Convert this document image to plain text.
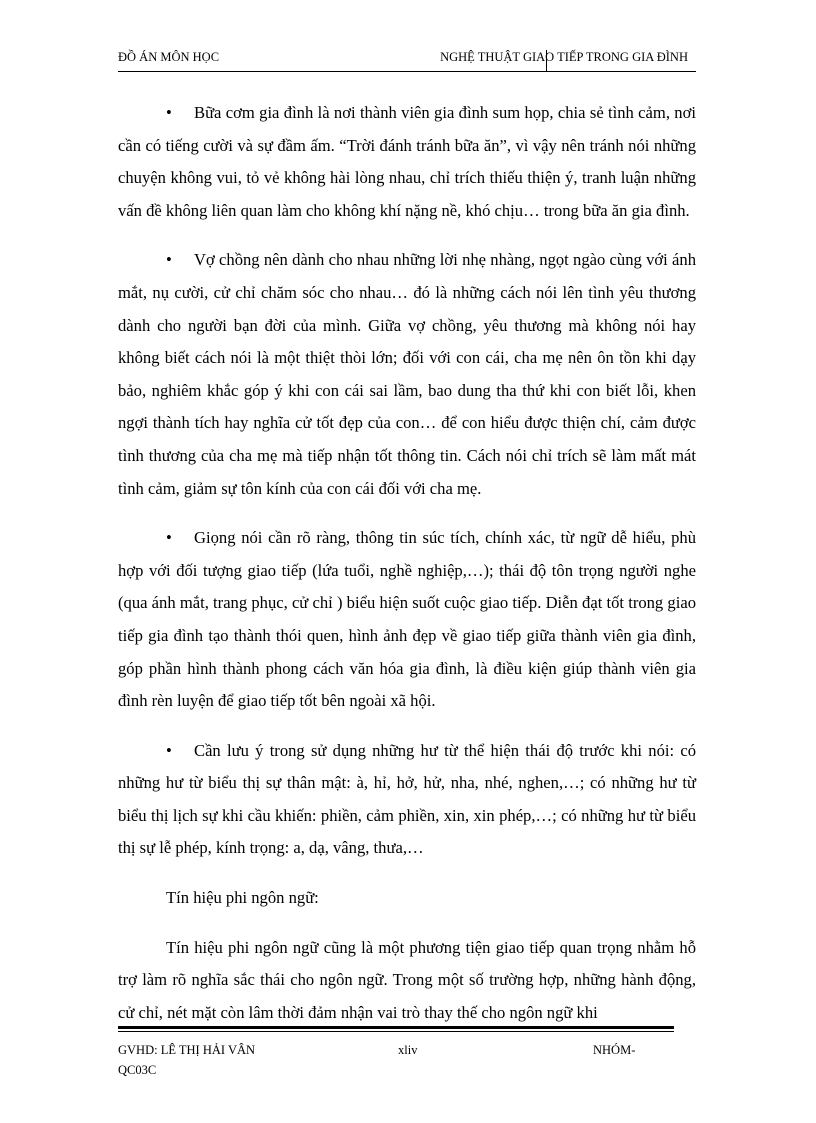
ĐỒ ÁN MÔN HỌC	NGHỆ THUẬT GIAO TIẾP TRONG GIA ĐÌNH

• Bữa cơm gia đình là nơi thành viên gia đình sum họp, chia sẻ tình cảm, nơi cần có tiếng cười và sự đầm ấm. “Trời đánh tránh bữa ăn”, vì vậy nên tránh nói những chuyện không vui, tỏ vẻ không hài lòng nhau, chỉ trích thiếu thiện ý, tranh luận những vấn đề không liên quan làm cho không khí nặng nề, khó chịu… trong bữa ăn gia đình.

• Vợ chồng nên dành cho nhau những lời nhẹ nhàng, ngọt ngào cùng với ánh mắt, nụ cười, cử chỉ chăm sóc cho nhau… đó là những cách nói lên tình yêu thương dành cho người bạn đời của mình. Giữa vợ chồng, yêu thương mà không nói hay không biết cách nói là một thiệt thòi lớn; đối với con cái, cha mẹ nên ôn tồn khi dạy bảo, nghiêm khắc góp ý khi con cái sai lầm, bao dung tha thứ khi con biết lỗi, khen ngợi thành tích hay nghĩa cử tốt đẹp của con… để con hiểu được thiện chí, cảm được tình thương của cha mẹ mà tiếp nhận tốt thông tin. Cách nói chỉ trích sẽ làm mất mát tình cảm, giảm sự tôn kính của con cái đối với cha mẹ.

• Giọng nói cần rõ ràng, thông tin súc tích, chính xác, từ ngữ dễ hiểu, phù hợp với đối tượng giao tiếp (lứa tuổi, nghề nghiệp,…); thái độ tôn trọng người nghe (qua ánh mắt, trang phục, cử chỉ ) biểu hiện suốt cuộc giao tiếp. Diễn đạt tốt trong giao tiếp gia đình tạo thành thói quen, hình ảnh đẹp về giao tiếp giữa thành viên gia đình, góp phần hình thành phong cách văn hóa gia đình, là điều kiện giúp thành viên gia đình rèn luyện để giao tiếp tốt bên ngoài xã hội.

• Cần lưu ý trong sử dụng những hư từ thể hiện thái độ trước khi nói: có những hư từ biểu thị sự thân mật: à, hỉ, hở, hử, nha, nhé, nghen,…; có những hư từ biểu thị lịch sự khi cầu khiến: phiền, cảm phiền, xin, xin phép,…; có những hư từ biểu thị sự lễ phép, kính trọng: a, dạ, vâng, thưa,…

Tín hiệu phi ngôn ngữ:

Tín hiệu phi ngôn ngữ cũng là một phương tiện giao tiếp quan trọng nhằm hỗ trợ làm rõ nghĩa sắc thái cho ngôn ngữ. Trong một số trường hợp, những hành động, cử chỉ, nét mặt còn lâm thời đảm nhận vai trò thay thế cho ngôn ngữ khi

GVHD: LÊ THỊ HẢI VÂN	xliv	NHÓM-
QC03C
